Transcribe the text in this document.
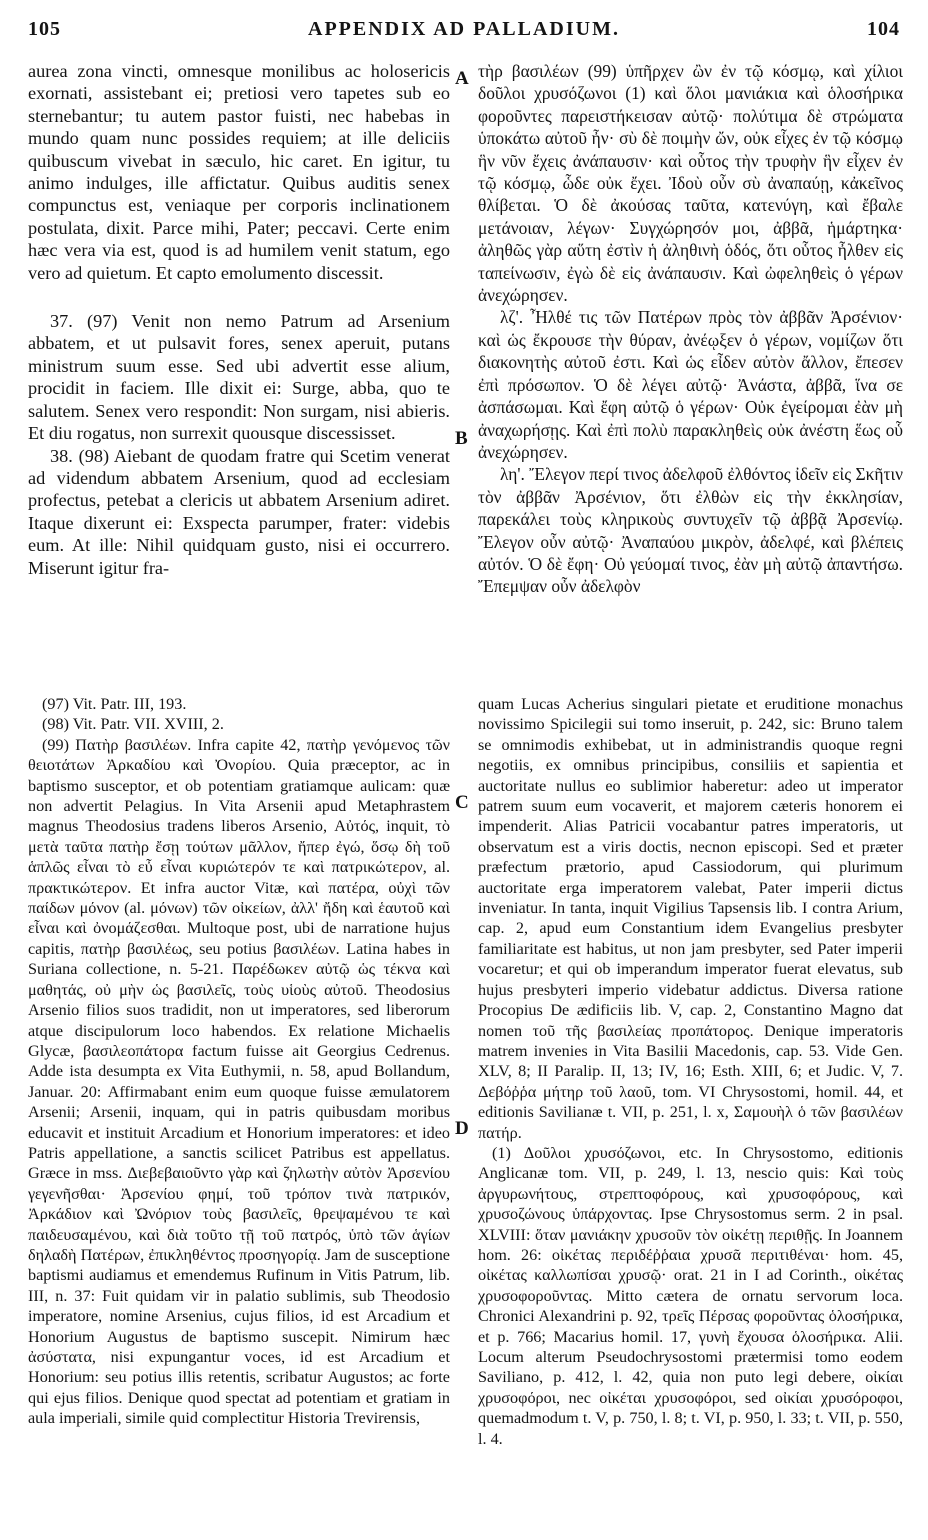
105	APPENDIX AD PALLADIUM.	104

aurea zona vincti, omnesque monilibus ac holosericis exornati, assistebant ei; pretiosi vero tapetes sub eo sternebantur; tu autem pastor fuisti, nec habebas in mundo quam nunc possides requiem; at ille deliciis quibuscum vivebat in sæculo, hic caret. En igitur, tu animo indulges, ille affictatur. Quibus auditis senex compunctus est, veniaque per corporis inclinationem postulata, dixit. Parce mihi, Pater; peccavi. Certe enim hæc vera via est, quod is ad humilem venit statum, ego vero ad quietum. Et capto emolumento discessit.

37. (97) Venit non nemo Patrum ad Arsenium abbatem, et ut pulsavit fores, senex aperuit, putans ministrum suum esse. Sed ubi advertit esse alium, procidit in faciem. Ille dixit ei: Surge, abba, quo te salutem. Senex vero respondit: Non surgam, nisi abieris. Et diu rogatus, non surrexit quousque discessisset.

38. (98) Aiebant de quodam fratre qui Scetim venerat ad videndum abbatem Arsenium, quod ad ecclesiam profectus, petebat a clericis ut abbatem Arsenium adiret. Itaque dixerunt ei: Exspecta parumper, frater: videbis eum. At ille: Nihil quidquam gusto, nisi ei occurrero. Miserunt igitur fra-

τὴρ βασιλέων (99) ὑπῆρχεν ὢν ἐν τῷ κόσμῳ, καὶ χίλιοι δοῦλοι χρυσόζωνοι (1) καὶ ὅλοι μανιάκια καὶ ὁλοσήρικα φοροῦντες παρειστήκεισαν αὐτῷ· πολύτιμα δὲ στρώματα ὑποκάτω αὐτοῦ ἦν· σὺ δὲ ποιμὴν ὤν, οὐκ εἶχες ἐν τῷ κόσμῳ ἣν νῦν ἔχεις ἀνάπαυσιν· καὶ οὗτος τὴν τρυφὴν ἣν εἶχεν ἐν τῷ κόσμῳ, ὧδε οὐκ ἔχει. Ἰδοὺ οὖν σὺ ἀναπαύῃ, κἀκεῖνος θλίβεται. Ὁ δὲ ἀκούσας ταῦτα, κατενύγη, καὶ ἔβαλε μετάνοιαν, λέγων· Συγχώρησόν μοι, ἀββᾶ, ἡμάρτηκα· ἀληθῶς γὰρ αὕτη ἐστὶν ἡ ἀληθινὴ ὁδός, ὅτι οὗτος ἦλθεν εἰς ταπείνωσιν, ἐγὼ δὲ εἰς ἀνάπαυσιν. Καὶ ὠφεληθεὶς ὁ γέρων ἀνεχώρησεν.

λζ'. Ἦλθέ τις τῶν Πατέρων πρὸς τὸν ἀββᾶν Ἀρσένιον· καὶ ὡς ἔκρουσε τὴν θύραν, ἀνέῳξεν ὁ γέρων, νομίζων ὅτι διακονητὴς αὐτοῦ ἐστι. Καὶ ὡς εἶδεν αὐτὸν ἄλλον, ἔπεσεν ἐπὶ πρόσωπον. Ὁ δὲ λέγει αὐτῷ· Ἀνάστα, ἀββᾶ, ἵνα σε ἀσπάσωμαι. Καὶ ἔφη αὐτῷ ὁ γέρων· Οὐκ ἐγείρομαι ἐὰν μὴ ἀναχωρήσῃς. Καὶ ἐπὶ πολὺ παρακληθεὶς οὐκ ἀνέστη ἕως οὗ ἀνεχώρησεν.

λη'. Ἔλεγον περί τινος ἀδελφοῦ ἐλθόντος ἰδεῖν εἰς Σκῆτιν τὸν ἀββᾶν Ἀρσένιον, ὅτι ἐλθὼν εἰς τὴν ἐκκλησίαν, παρεκάλει τοὺς κληρικοὺς συντυχεῖν τῷ ἀββᾷ Ἀρσενίῳ. Ἔλεγον οὖν αὐτῷ· Ἀναπαύου μικρὸν, ἀδελφέ, καὶ βλέπεις αὐτόν. Ὁ δὲ ἔφη· Οὐ γεύομαί τινος, ἐὰν μὴ αὐτῷ ἀπαντήσω. Ἔπεμψαν οὖν ἀδελφὸν

A
B
C
D

(97) Vit. Patr. III, 193.

(98) Vit. Patr. VII. XVIII, 2.

(99) Πατὴρ βασιλέων. Infra capite 42, πατὴρ γενόμενος τῶν θειοτάτων Ἀρκαδίου καὶ Ὀνορίου. Quia præceptor, ac in baptismo susceptor, et ob potentiam gratiamque aulicam: quæ non advertit Pelagius. In Vita Arsenii apud Metaphrastem magnus Theodosius tradens liberos Arsenio, Αὐτός, inquit, τὸ μετὰ ταῦτα πατὴρ ἔσῃ τούτων μᾶλλον, ἤπερ ἐγώ, ὅσῳ δὴ τοῦ ἁπλῶς εἶναι τὸ εὖ εἶναι κυριώτερόν τε καὶ πατρικώτερον, al. πρακτικώτερον. Et infra auctor Vitæ, καὶ πατέρα, οὐχὶ τῶν παίδων μόνον (al. μόνων) τῶν οἰκείων, ἀλλ' ἤδη καὶ ἑαυτοῦ καὶ εἶναι καὶ ὀνομάζεσθαι. Multoque post, ubi de narratione hujus capitis, πατὴρ βασιλέως, seu potius βασιλέων. Latina habes in Suriana collectione, n. 5-21. Παρέδωκεν αὐτῷ ὡς τέκνα καὶ μαθητάς, οὐ μὴν ὡς βασιλεῖς, τοὺς υἱοὺς αὐτοῦ. Theodosius Arsenio filios suos tradidit, non ut imperatores, sed liberorum atque discipulorum loco habendos. Ex relatione Michaelis Glycæ, βασιλεοπάτορα factum fuisse ait Georgius Cedrenus. Adde ista desumpta ex Vita Euthymii, n. 58, apud Bollandum, Januar. 20: Affirmabant enim eum quoque fuisse æmulatorem Arsenii; Arsenii, inquam, qui in patris quibusdam moribus educavit et instituit Arcadium et Honorium imperatores: et ideo Patris appellatione, a sanctis scilicet Patribus est appellatus. Græce in mss. Διεβεβαιοῦντο γὰρ καὶ ζηλωτὴν αὐτὸν Ἀρσενίου γεγενῆσθαι· Ἀρσενίου φημί, τοῦ τρόπον τινὰ πατρικόν, Ἀρκάδιον καὶ Ὠνόριον τοὺς βασιλεῖς, θρεψαμένου τε καὶ παιδευσαμένου, καὶ διὰ τοῦτο τῇ τοῦ πατρός, ὑπὸ τῶν ἁγίων δηλαδὴ Πατέρων, ἐπικληθέντος προσηγορίᾳ. Jam de susceptione baptismi audiamus et emendemus Rufinum in Vitis Patrum, lib. III, n. 37: Fuit quidam vir in palatio sublimis, sub Theodosio imperatore, nomine Arsenius, cujus filios, id est Arcadium et Honorium Augustus de baptismo suscepit. Nimirum hæc ἀσύστατα, nisi expungantur voces, id est Arcadium et Honorium: seu potius illis retentis, scribatur Augustos; ac forte qui ejus filios. Denique quod spectat ad potentiam et gratiam in aula imperiali, simile quid complectitur Historia Trevirensis,

quam Lucas Acherius singulari pietate et eruditione monachus novissimo Spicilegii sui tomo inseruit, p. 242, sic: Bruno talem se omnimodis exhibebat, ut in administrandis quoque regni negotiis, ex omnibus principibus, consiliis et sapientia et auctoritate nullus eo sublimior haberetur: adeo ut imperator patrem suum eum vocaverit, et majorem cæteris honorem ei impenderit. Alias Patricii vocabantur patres imperatoris, ut observatum est a viris doctis, necnon episcopi. Sed et præter præfectum prætorio, apud Cassiodorum, qui plurimum auctoritate erga imperatorem valebat, Pater imperii dictus inveniatur. In tanta, inquit Vigilius Tapsensis lib. I contra Arium, cap. 2, apud eum Constantium idem Evangelius presbyter familiaritate est habitus, ut non jam presbyter, sed Pater imperii vocaretur; et qui ob imperandum imperator fuerat elevatus, sub hujus presbyteri imperio videbatur addictus. Diversa ratione Procopius De ædificiis lib. V, cap. 2, Constantino Magno dat nomen τοῦ τῆς βασιλείας προπάτορος. Denique imperatoris matrem invenies in Vita Basilii Macedonis, cap. 53. Vide Gen. XLV, 8; II Paralip. II, 13; IV, 16; Esth. XIII, 6; et Judic. V, 7. Δεβόῤῥα μήτηρ τοῦ λαοῦ, tom. VI Chrysostomi, homil. 44, et editionis Savilianæ t. VII, p. 251, l. x, Σαμουὴλ ὁ τῶν βασιλέων πατήρ.

(1) Δοῦλοι χρυσόζωνοι, etc. In Chrysostomo, editionis Anglicanæ tom. VII, p. 249, l. 13, nescio quis: Καὶ τοὺς ἀργυρωνήτους, στρεπτοφόρους, καὶ χρυσοφόρους, καὶ χρυσοζώνους ὑπάρχοντας. Ipse Chrysostomus serm. 2 in psal. XLVIII: ὅταν μανιάκην χρυσοῦν τὸν οἰκέτῃ περιθῇς. In Joannem hom. 26: οἰκέτας περιδέῤῥαια χρυσᾶ περιτιθέναι· hom. 45, οἰκέτας καλλωπίσαι χρυσῷ· orat. 21 in I ad Corinth., οἰκέτας χρυσοφοροῦντας. Mitto cætera de ornatu servorum loca. Chronici Alexandrini p. 92, τρεῖς Πέρσας φοροῦντας ὁλοσήρικα, et p. 766; Macarius homil. 17, γυνὴ ἔχουσα ὁλοσήρικα. Alii. Locum alterum Pseudochrysostomi prætermisi tomo eodem Saviliano, p. 412, l. 42, quia non puto legi debere, οἰκίαι χρυσοφόροι, nec οἰκέται χρυσοφόροι, sed οἰκίαι χρυσόροφοι, quemadmodum t. V, p. 750, l. 8; t. VI, p. 950, l. 33; t. VII, p. 550, l. 4.
